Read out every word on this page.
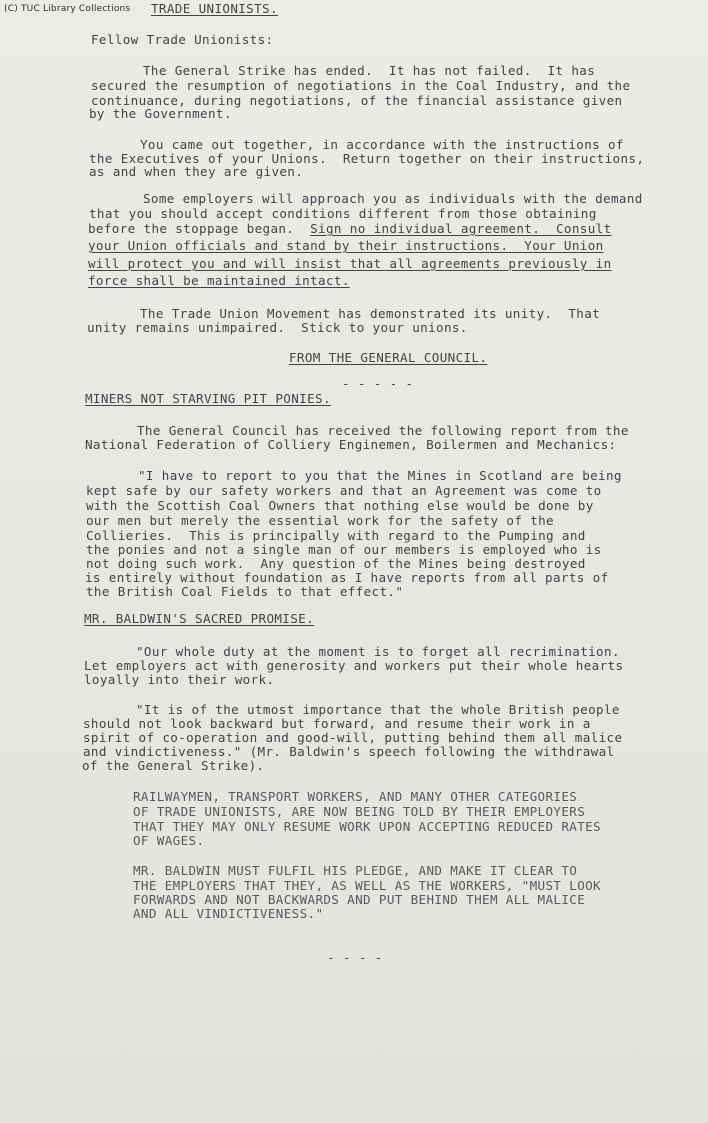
(C) TUC Library Collections TRADE UNIONISTS.
Fellow Trade Unionists:
The General Strike has ended.  It has not failed.  It has
secured the resumption of negotiations in the Coal Industry, and the
continuance, during negotiations, of the financial assistance given
by the Government.
You came out together, in accordance with the instructions of
the Executives of your Unions.  Return together on their instructions,
as and when they are given.
Some employers will approach you as individuals with the demand
that you should accept conditions different from those obtaining
before the stoppage began.  Sign no individual agreement.  Consult
your Union officials and stand by their instructions.  Your Union
will protect you and will insist that all agreements previously in
force shall be maintained intact.
The Trade Union Movement has demonstrated its unity.  That
unity remains unimpaired.  Stick to your unions.
FROM THE GENERAL COUNCIL.
- - - - -
MINERS NOT STARVING PIT PONIES.
The General Council has received the following report from the
National Federation of Colliery Enginemen, Boilermen and Mechanics:
"I have to report to you that the Mines in Scotland are being
kept safe by our safety workers and that an Agreement was come to
with the Scottish Coal Owners that nothing else would be done by
our men but merely the essential work for the safety of the
Collieries.  This is principally with regard to the Pumping and
the ponies and not a single man of our members is employed who is
not doing such work.  Any question of the Mines being destroyed
is entirely without foundation as I have reports from all parts of
the British Coal Fields to that effect."
MR. BALDWIN'S SACRED PROMISE.
"Our whole duty at the moment is to forget all recrimination.
Let employers act with generosity and workers put their whole hearts
loyally into their work.
"It is of the utmost importance that the whole British people
should not look backward but forward, and resume their work in a
spirit of co-operation and good-will, putting behind them all malice
and vindictiveness." (Mr. Baldwin's speech following the withdrawal
of the General Strike).
RAILWAYMEN, TRANSPORT WORKERS, AND MANY OTHER CATEGORIES
OF TRADE UNIONISTS, ARE NOW BEING TOLD BY THEIR EMPLOYERS
THAT THEY MAY ONLY RESUME WORK UPON ACCEPTING REDUCED RATES
OF WAGES.
MR. BALDWIN MUST FULFIL HIS PLEDGE, AND MAKE IT CLEAR TO
THE EMPLOYERS THAT THEY, AS WELL AS THE WORKERS, "MUST LOOK
FORWARDS AND NOT BACKWARDS AND PUT BEHIND THEM ALL MALICE
AND ALL VINDICTIVENESS."
- - - -
